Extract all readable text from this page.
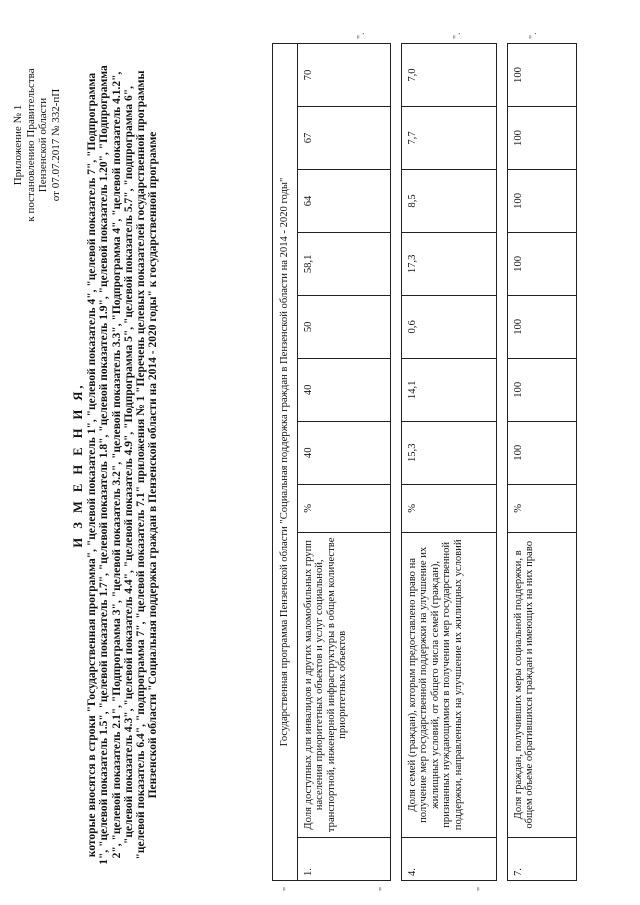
Приложение № 1 к постановлению Правительства Пензенской области от 07.07.2017 № 332-пП
И З М Е Н Е Н И Я, которые вносятся в строки "Государственная программа", "целевой показатель 1", "целевой показатель 4", "целевой показатель 7", "Подпрограмма 1", "целевой показатель 1.5", "целевой показатель 1.7", "целевой показатель 1.8", "целевой показатель 1.9", "целевой показатель 1.20", "Подпрограмма 2", "целевой показатель 2.1", "Подпрограмма 3", "целевой показатель 3.2", "целевой показатель 3.3", "Подпрограмма 4", "целевой показатель 4.1.2", "целевой показатель 4.3", "целевой показатель 4.4", "целевой показатель 4.9", "Подпрограмма 5", "целевой показатель 5.7", "подпрограмма 6", "целевой показатель 6.4", "подпрограмма 7", "целевой показатель 7.1" приложения № 1 "Перечень целевых показателей государственной программы Пензенской области "Социальная поддержка граждан в Пензенской области на 2014 - 2020 годы" к государственной программе	Государственная программа Пензенской области "Социальная поддержка граждан в Пензенской области на 2014 - 2020 годы"									
1.	Доля доступных для инвалидов и других маломобильных групп населения приоритетных объектов и услуг социальной, транспортной, инженерной инфраструктуры в общем количестве приоритетных объектов	%	40	40	50	58,1	64	67	70

4.	Доля семей (граждан), которым предоставлено право на получение мер государственной поддержки на улучшение их жилищных условий, от общего числа семей (граждан), признанных нуждающимися в получении мер государственной поддержки, направленных на улучшение их жилищных условий	%	15,3	14,1	0,6	17,3	8,5	7,7	7,0

7.	Доля граждан, получивших меры социальной поддержки, в общем объеме обратившихся граждан и имеющих на них право	%	100	100	100	100	100	100	100
"	"	"
".	".	".
